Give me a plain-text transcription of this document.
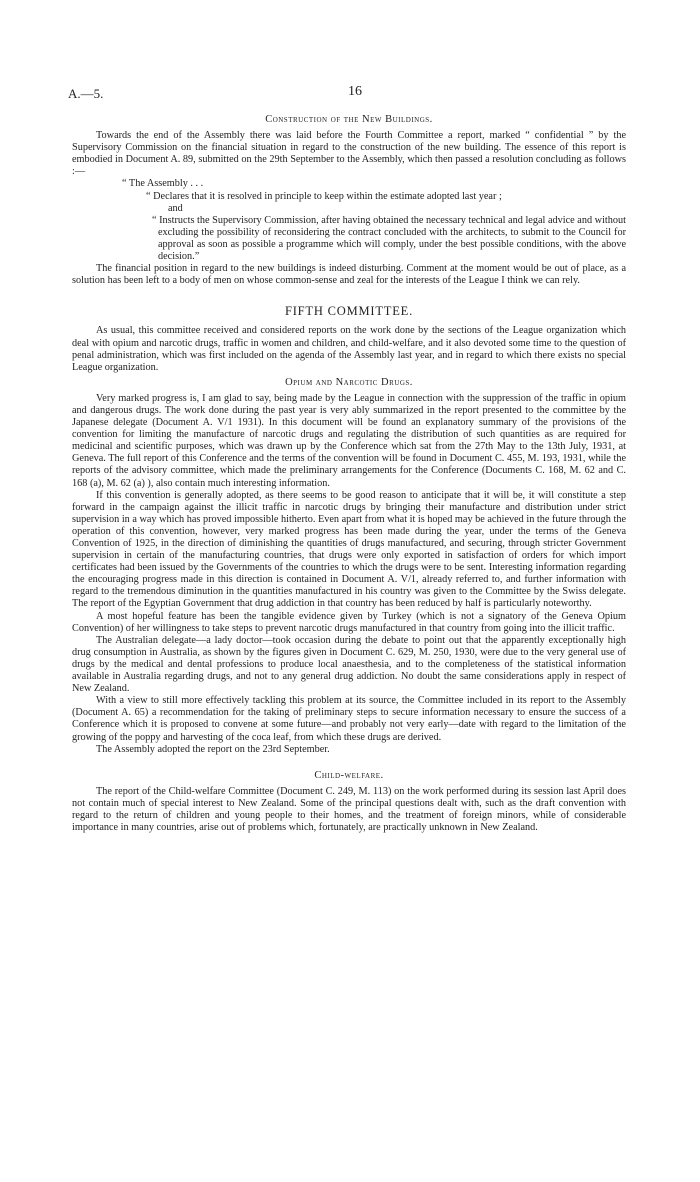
A.—5.	16
Construction of the New Buildings.

Towards the end of the Assembly there was laid before the Fourth Committee a report, marked “ confidential ” by the Supervisory Commission on the financial situation in regard to the construction of the new building. The essence of this report is embodied in Document A. 89, submitted on the 29th September to the Assembly, which then passed a resolution concluding as follows :—

“ The Assembly . . .

“ Declares that it is resolved in principle to keep within the estimate adopted last year ;

and

“ Instructs the Supervisory Commission, after having obtained the necessary technical and legal advice and without excluding the possibility of reconsidering the contract concluded with the architects, to submit to the Council for approval as soon as possible a programme which will comply, under the best possible conditions, with the above decision.”

The financial position in regard to the new buildings is indeed disturbing. Comment at the moment would be out of place, as a solution has been left to a body of men on whose common-sense and zeal for the interests of the League I think we can rely.

FIFTH COMMITTEE.

As usual, this committee received and considered reports on the work done by the sections of the League organization which deal with opium and narcotic drugs, traffic in women and children, and child-welfare, and it also devoted some time to the question of penal administration, which was first included on the agenda of the Assembly last year, and in regard to which there exists no special League organization.

Opium and Narcotic Drugs.

Very marked progress is, I am glad to say, being made by the League in connection with the suppression of the traffic in opium and dangerous drugs. The work done during the past year is very ably summarized in the report presented to the committee by the Japanese delegate (Document A. V/1 1931). In this document will be found an explanatory summary of the provisions of the convention for limiting the manufacture of narcotic drugs and regulating the distribution of such quantities as are required for medicinal and scientific purposes, which was drawn up by the Conference which sat from the 27th May to the 13th July, 1931, at Geneva. The full report of this Conference and the terms of the convention will be found in Document C. 455, M. 193, 1931, while the reports of the advisory committee, which made the preliminary arrangements for the Conference (Documents C. 168, M. 62 and C. 168 (a), M. 62 (a) ), also contain much interesting information.

If this convention is generally adopted, as there seems to be good reason to anticipate that it will be, it will constitute a step forward in the campaign against the illicit traffic in narcotic drugs by bringing their manufacture and distribution under strict supervision in a way which has proved impossible hitherto. Even apart from what it is hoped may be achieved in the future through the operation of this convention, however, very marked progress has been made during the year, under the terms of the Geneva Convention of 1925, in the direction of diminishing the quantities of drugs manufactured, and securing, through stricter Government supervision in certain of the manufacturing countries, that drugs were only exported in satisfaction of orders for which import certificates had been issued by the Governments of the countries to which the drugs were to be sent. Interesting information regarding the encouraging progress made in this direction is contained in Document A. V/1, already referred to, and further information with regard to the tremendous diminution in the quantities manufactured in his country was given to the Committee by the Swiss delegate. The report of the Egyptian Government that drug addiction in that country has been reduced by half is particularly noteworthy.

A most hopeful feature has been the tangible evidence given by Turkey (which is not a signatory of the Geneva Opium Convention) of her willingness to take steps to prevent narcotic drugs manufactured in that country from going into the illicit traffic.

The Australian delegate—a lady doctor—took occasion during the debate to point out that the apparently exceptionally high drug consumption in Australia, as shown by the figures given in Document C. 629, M. 250, 1930, were due to the very general use of drugs by the medical and dental professions to produce local anaesthesia, and to the completeness of the statistical information available in Australia regarding drugs, and not to any general drug addiction. No doubt the same considerations apply in respect of New Zealand.

With a view to still more effectively tackling this problem at its source, the Committee included in its report to the Assembly (Document A. 65) a recommendation for the taking of preliminary steps to secure information necessary to ensure the success of a Conference which it is proposed to convene at some future—and probably not very early—date with regard to the limitation of the growing of the poppy and harvesting of the coca leaf, from which these drugs are derived.

The Assembly adopted the report on the 23rd September.

Child-welfare.

The report of the Child-welfare Committee (Document C. 249, M. 113) on the work performed during its session last April does not contain much of special interest to New Zealand. Some of the principal questions dealt with, such as the draft convention with regard to the return of children and young people to their homes, and the treatment of foreign minors, while of considerable importance in many countries, arise out of problems which, fortunately, are practically unknown in New Zealand.
